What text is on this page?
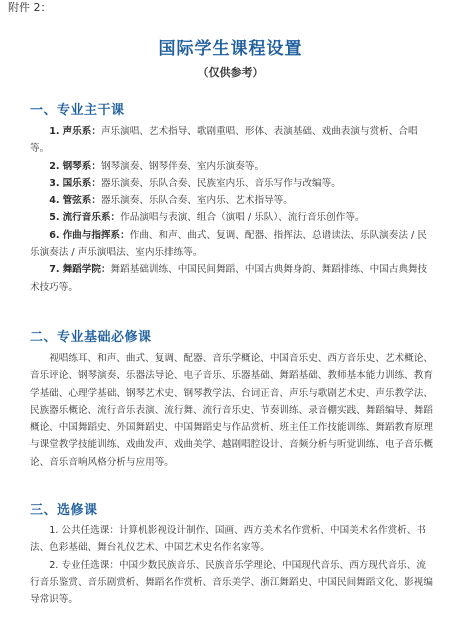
附件 2：
国际学生课程设置
（仅供参考）
一、专业主干课

1. 声乐系：声乐演唱、艺术指导、歌剧重唱、形体、表演基础、戏曲表演与赏析、合唱等。

2. 钢琴系：钢琴演奏、钢琴伴奏、室内乐演奏等。

3. 国乐系：器乐演奏、乐队合奏、民族室内乐、音乐写作与改编等。

4. 管弦系：器乐演奏、乐队合奏、室内乐、艺术指导等。

5. 流行音乐系：作品演唱与表演、组合（演唱 / 乐队）、流行音乐创作等。

6. 作曲与指挥系：作曲、和声、曲式、复调、配器、指挥法、总谱读法、乐队演奏法 / 民乐演奏法 / 声乐演唱法、室内乐排练等。

7. 舞蹈学院：舞蹈基础训练、中国民间舞蹈、中国古典舞身韵、舞蹈排练、中国古典舞技术技巧等。

二、专业基础必修课

视唱练耳、和声、曲式、复调、配器、音乐学概论、中国音乐史、西方音乐史、艺术概论、音乐评论、钢琴演奏、乐器法导论、电子音乐、乐器基础、舞蹈基础、教师基本能力训练、教育学基础、心理学基础、钢琴艺术史、钢琴教学法、台词正音、声乐与歌剧艺术史、声乐教学法、民族器乐概论、流行音乐表演、流行舞、流行音乐史、节奏训练、录音棚实践、舞蹈编导、舞蹈概论、中国舞蹈史、外国舞蹈史、中国舞蹈史与作品赏析、班主任工作技能训练、舞蹈教育原理与课堂教学技能训练、戏曲发声、戏曲美学、越剧唱腔设计、音频分析与听觉训练、电子音乐概论、音乐音响风格分析与应用等。

三、选修课

1. 公共任选课：计算机影视设计制作、国画、西方美术名作赏析、中国美术名作赏析、书法、色彩基础、舞台礼仪艺术、中国艺术史名作名家等。

2. 专业任选课：中国少数民族音乐、民族音乐学理论、中国现代音乐、西方现代音乐、流行音乐鉴赏、音乐剧赏析、舞蹈名作赏析、音乐美学、浙江舞蹈史、中国民间舞蹈文化、影视编导常识等。
